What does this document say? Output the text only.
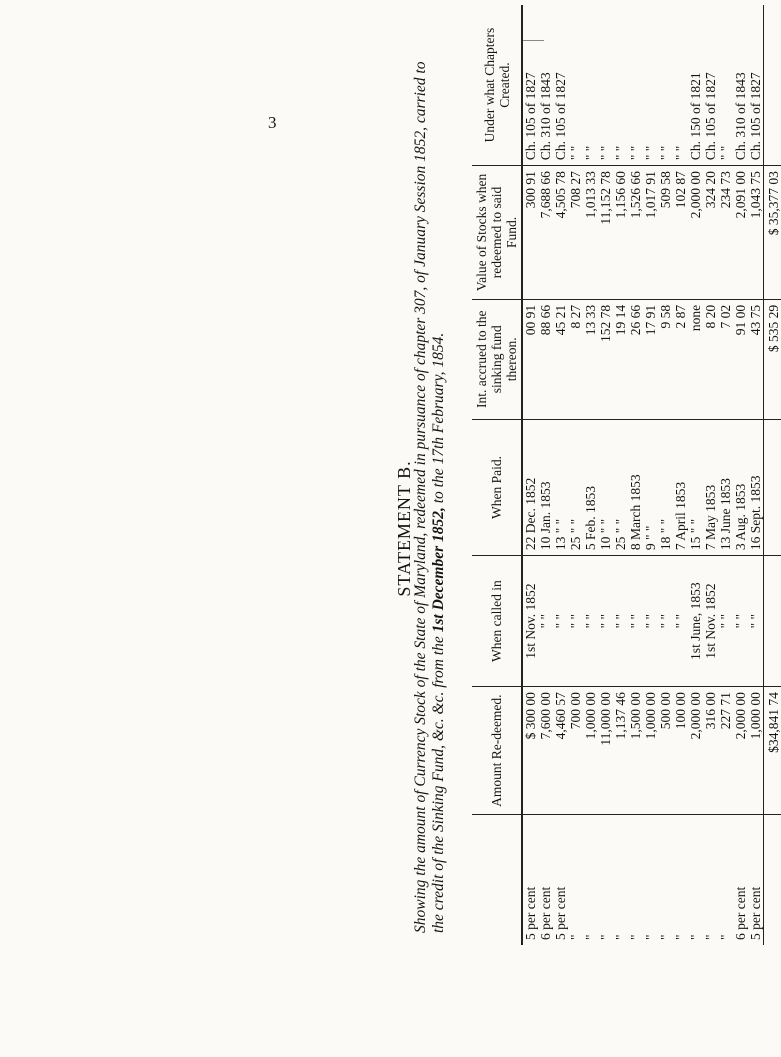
3
STATEMENT B.
Showing the amount of Currency Stock of the State of Maryland, redeemed in pursuance of chapter 307, of January Session 1852, carried to the credit of the Sinking Fund, &c. &c. from the 1st December 1852, to the 17th February, 1854.
	Amount Re-deemed.	When called in	When Paid.	Int. accrued to the sinking fund thereon.	Value of Stocks when redeemed to said Fund.	Under what Chapters Created.
5 per cent	$ 300 00	1st Nov. 1852	22 Dec. 1852	00 91	300 91	Ch. 105 of 1827
6 per cent	7,600 00	" "	10 Jan. 1853	88 66	7,688 66	Ch. 310 of 1843
5 per cent	4,460 57	" "	13 " "	45 21	4,505 78	Ch. 105 of 1827
"	700 00	" "	25 " "	8 27	708 27	" "
"	1,000 00	" "	5 Feb. 1853	13 33	1,013 33	" "
"	11,000 00	" "	10 " "	152 78	11,152 78	" "
"	1,137 46	" "	25 " "	19 14	1,156 60	" "
"	1,500 00	" "	8 March 1853	26 66	1,526 66	" "
"	1,000 00	" "	9 " "	17 91	1,017 91	" "
"	500 00	" "	18 " "	9 58	509 58	" "
"	100 00	" "	7 April 1853	2 87	102 87	" "
"	2,000 00	1st June, 1853	15 " "	none	2,000 00	Ch. 150 of 1821
"	316 00	1st Nov. 1852	7 May 1853	8 20	324 20	Ch. 105 of 1827
"	227 71	" "	13 June 1853	7 02	234 73	" "
6 per cent	2,000 00	" "	3 Aug. 1853	91 00	2,091 00	Ch. 310 of 1843
5 per cent	1,000 00	" "	16 Sept. 1853	43 75	1,043 75	Ch. 105 of 1827
	$34,841 74			$ 535 29	$ 35,377 03	
